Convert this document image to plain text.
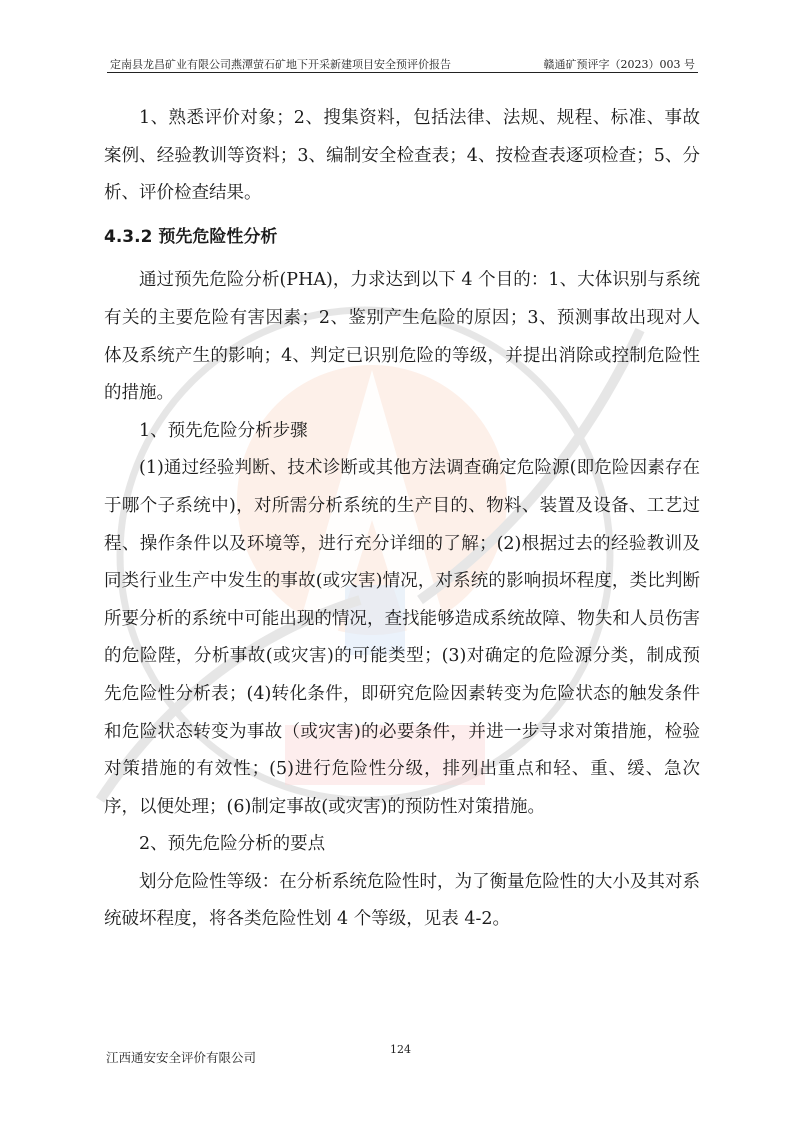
定南县龙昌矿业有限公司燕潭萤石矿地下开采新建项目安全预评价报告	赣通矿预评字（2023）003 号

1、熟悉评价对象；2、搜集资料，包括法律、法规、规程、标准、事故案例、经验教训等资料；3、编制安全检查表；4、按检查表逐项检查；5、分析、评价检查结果。

4.3.2 预先危险性分析

通过预先危险分析(PHA)，力求达到以下 4 个目的：1、大体识别与系统有关的主要危险有害因素；2、鉴别产生危险的原因；3、预测事故出现对人体及系统产生的影响；4、判定已识别危险的等级，并提出消除或控制危险性的措施。

1、预先危险分析步骤

(1)通过经验判断、技术诊断或其他方法调查确定危险源(即危险因素存在于哪个子系统中)，对所需分析系统的生产目的、物料、装置及设备、工艺过程、操作条件以及环境等，进行充分详细的了解；(2)根据过去的经验教训及同类行业生产中发生的事故(或灾害)情况，对系统的影响损坏程度，类比判断所要分析的系统中可能出现的情况，查找能够造成系统故障、物失和人员伤害的危险陛，分析事故(或灾害)的可能类型；(3)对确定的危险源分类，制成预先危险性分析表；(4)转化条件，即研究危险因素转变为危险状态的触发条件和危险状态转变为事故（或灾害)的必要条件，并进一步寻求对策措施，检验对策措施的有效性；(5)进行危险性分级，排列出重点和轻、重、缓、急次序，以便处理；(6)制定事故(或灾害)的预防性对策措施。

2、预先危险分析的要点

划分危险性等级：在分析系统危险性时，为了衡量危险性的大小及其对系统破坏程度，将各类危险性划 4 个等级，见表 4-2。

江西通安安全评价有限公司
124
